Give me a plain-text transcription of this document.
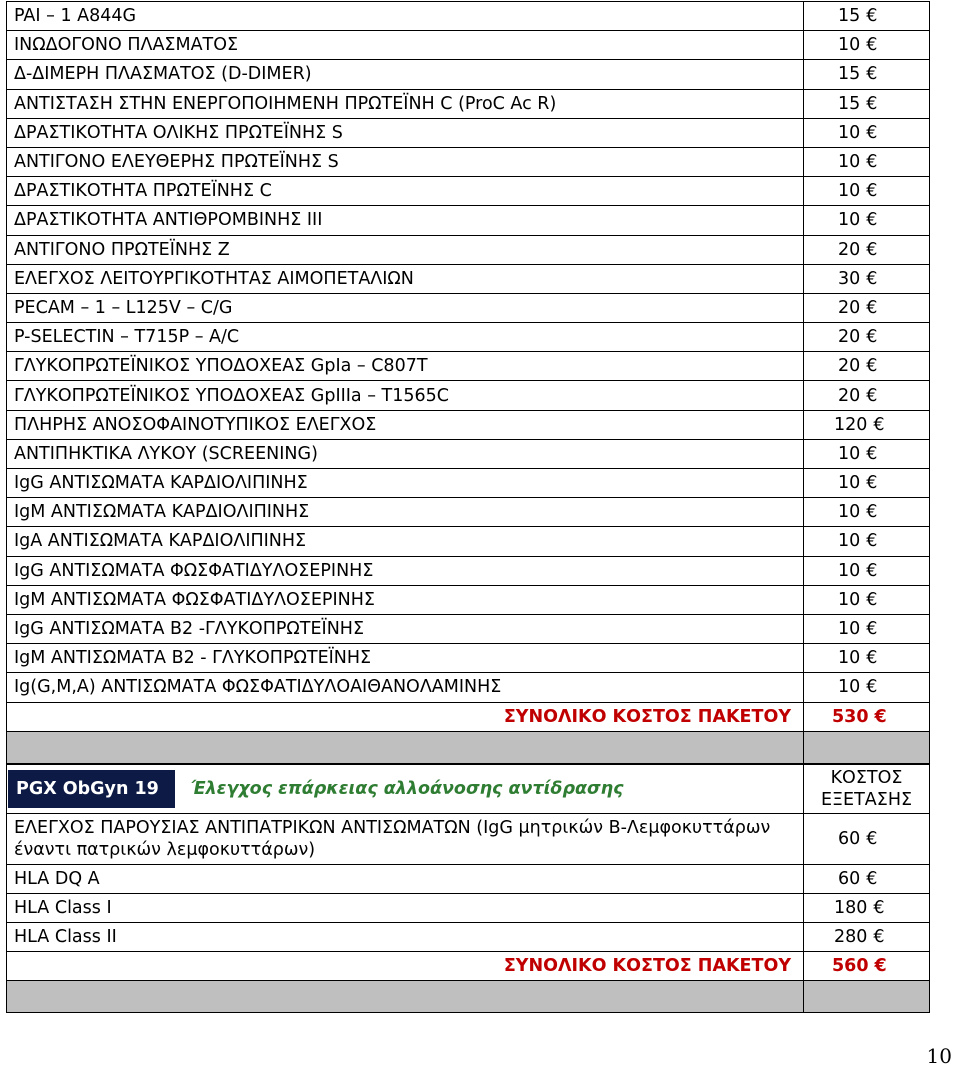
PAI – 1 A844G	15 €
ΙΝΩΔΟΓΟΝΟ ΠΛΑΣΜΑΤΟΣ	10 €
Δ-ΔΙΜΕΡΗ ΠΛΑΣΜΑΤΟΣ (D-DIMER)	15 €
ΑΝΤΙΣΤΑΣΗ ΣΤΗΝ ΕΝΕΡΓΟΠΟΙΗΜΕΝΗ ΠΡΩΤΕΪΝΗ C (ProC Ac R)	15 €
ΔΡΑΣΤΙΚΟΤΗΤΑ ΟΛΙΚΗΣ ΠΡΩΤΕΪΝΗΣ S	10 €
ΑΝΤΙΓΟΝΟ ΕΛΕΥΘΕΡΗΣ ΠΡΩΤΕΪΝΗΣ S	10 €
ΔΡΑΣΤΙΚΟΤΗΤΑ ΠΡΩΤΕΪΝΗΣ C	10 €
ΔΡΑΣΤΙΚΟΤΗΤΑ ΑΝΤΙΘΡΟΜΒΙΝΗΣ III	10 €
ΑΝΤΙΓΟΝΟ ΠΡΩΤΕΪΝΗΣ Z	20 €
ΕΛΕΓΧΟΣ ΛΕΙΤΟΥΡΓΙΚΟΤΗΤΑΣ ΑΙΜΟΠΕΤΑΛΙΩΝ	30 €
PECAM – 1 – L125V – C/G	20 €
P-SELECTIN – T715P – A/C	20 €
ΓΛΥΚΟΠΡΩΤΕΪΝΙΚΟΣ ΥΠΟΔΟΧΕΑΣ GpIa – C807T	20 €
ΓΛΥΚΟΠΡΩΤΕΪΝΙΚΟΣ ΥΠΟΔΟΧΕΑΣ GpIIIa – T1565C	20 €
ΠΛΗΡΗΣ ΑΝΟΣΟΦΑΙΝΟΤΥΠΙΚΟΣ ΕΛΕΓΧΟΣ	120 €
ΑΝΤΙΠΗΚΤΙΚΑ ΛΥΚΟΥ (SCREENING)	10 €
IgG ΑΝΤΙΣΩΜΑΤΑ ΚΑΡΔΙΟΛΙΠΙΝΗΣ	10 €
IgM ΑΝΤΙΣΩΜΑΤΑ ΚΑΡΔΙΟΛΙΠΙΝΗΣ	10 €
IgA ΑΝΤΙΣΩΜΑΤΑ ΚΑΡΔΙΟΛΙΠΙΝΗΣ	10 €
IgG ΑΝΤΙΣΩΜΑΤΑ ΦΩΣΦΑΤΙΔΥΛΟΣΕΡΙΝΗΣ	10 €
IgM ΑΝΤΙΣΩΜΑΤΑ ΦΩΣΦΑΤΙΔΥΛΟΣΕΡΙΝΗΣ	10 €
IgG ΑΝΤΙΣΩΜΑΤΑ Β2 -ΓΛΥΚΟΠΡΩΤΕΪΝΗΣ	10 €
IgM ΑΝΤΙΣΩΜΑΤΑ Β2 - ΓΛΥΚΟΠΡΩΤΕΪΝΗΣ	10 €
Ig(G,M,A) ΑΝΤΙΣΩΜΑΤΑ ΦΩΣΦΑΤΙΔΥΛΟΑΙΘΑΝΟΛΑΜΙΝΗΣ	10 €
ΣΥΝΟΛΙΚΟ ΚΟΣΤΟΣ ΠΑΚΕΤΟΥ	530 €

PGX ObGyn 19 Έλεγχος επάρκειας αλλοάνοσης αντίδρασης	ΚΟΣΤΟΣ
ΕΞΕΤΑΣΗΣ
ΕΛΕΓΧΟΣ ΠΑΡΟΥΣΙΑΣ ΑΝΤΙΠΑΤΡΙΚΩΝ ΑΝΤΙΣΩΜΑΤΩΝ (IgG μητρικών Β-Λεμφοκυττάρων έναντι πατρικών λεμφοκυττάρων)	60 €
HLA DQ A	60 €
HLA Class I	180 €
HLA Class II	280 €
ΣΥΝΟΛΙΚΟ ΚΟΣΤΟΣ ΠΑΚΕΤΟΥ	560 €

10
